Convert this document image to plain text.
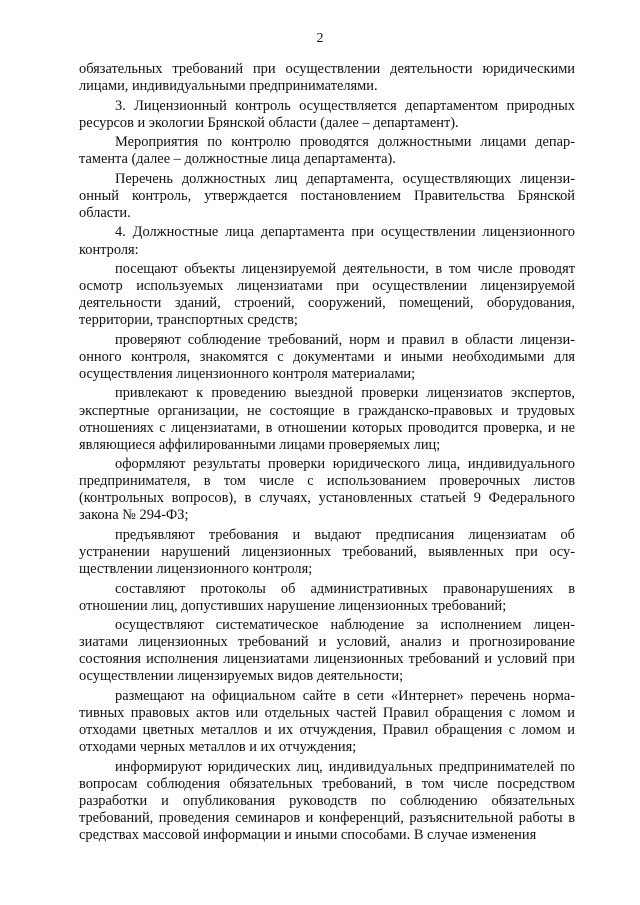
2

обязательных требований при осуществлении деятельности юридическими лицами, индивидуальными предпринимателями.

3. Лицензионный контроль осуществляется департаментом природных ресурсов и экологии Брянской области (далее – департамент).

Мероприятия по контролю проводятся должностными лицами департамента (далее – должностные лица департамента).

Перечень должностных лиц департамента, осуществляющих лицензионный контроль, утверждается постановлением Правительства Брянской области.

4. Должностные лица департамента при осуществлении лицензионного контроля:

посещают объекты лицензируемой деятельности, в том числе проводят осмотр используемых лицензиатами при осуществлении лицензируемой деятельности зданий, строений, сооружений, помещений, оборудования, территории, транспортных средств;

проверяют соблюдение требований, норм и правил в области лицензионного контроля, знакомятся с документами и иными необходимыми для осуществления лицензионного контроля материалами;

привлекают к проведению выездной проверки лицензиатов экспертов, экспертные организации, не состоящие в гражданско-правовых и трудовых отношениях с лицензиатами, в отношении которых проводится проверка, и не являющиеся аффилированными лицами проверяемых лиц;

оформляют результаты проверки юридического лица, индивидуального предпринимателя, в том числе с использованием проверочных листов (контрольных вопросов), в случаях, установленных статьей 9 Федерального закона № 294-ФЗ;

предъявляют требования и выдают предписания лицензиатам об устранении нарушений лицензионных требований, выявленных при осуществлении лицензионного контроля;

составляют протоколы об административных правонарушениях в отношении лиц, допустивших нарушение лицензионных требований;

осуществляют систематическое наблюдение за исполнением лицензиатами лицензионных требований и условий, анализ и прогнозирование состояния исполнения лицензиатами лицензионных требований и условий при осуществлении лицензируемых видов деятельности;

размещают на официальном сайте в сети «Интернет» перечень нормативных правовых актов или отдельных частей Правил обращения с ломом и отходами цветных металлов и их отчуждения, Правил обращения с ломом и отходами черных металлов и их отчуждения;

информируют юридических лиц, индивидуальных предпринимателей по вопросам соблюдения обязательных требований, в том числе посредством разработки и опубликования руководств по соблюдению обязательных требований, проведения семинаров и конференций, разъяснительной работы в средствах массовой информации и иными способами. В случае изменения
